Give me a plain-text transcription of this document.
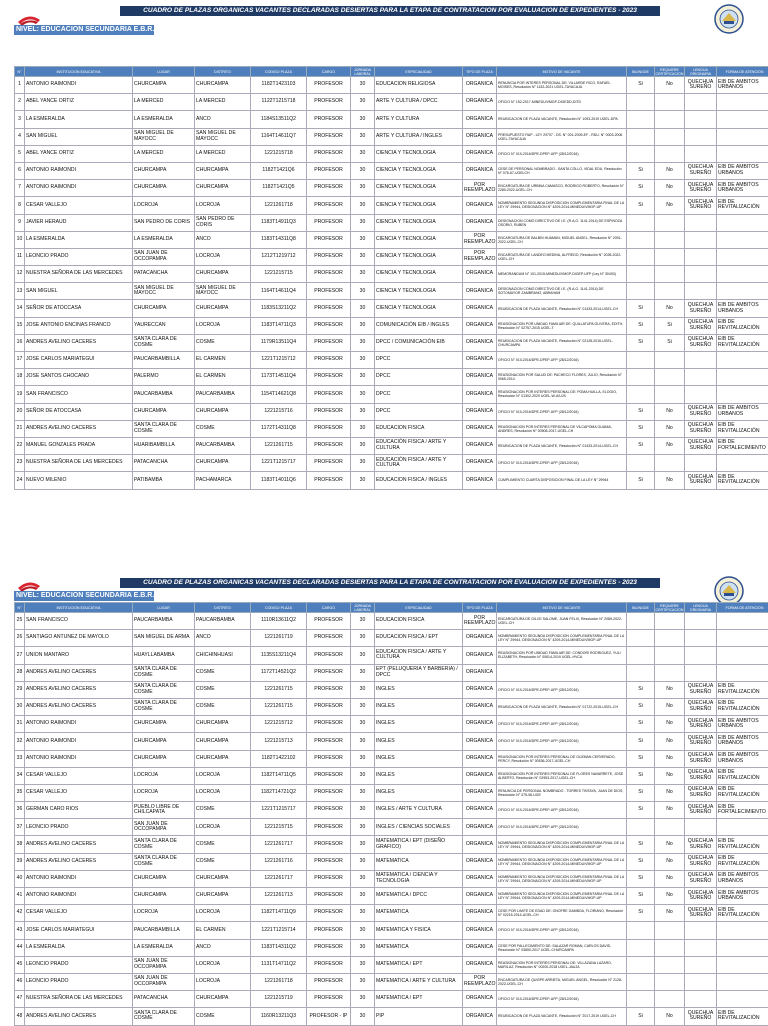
CUADRO DE PLAZAS ORGANICAS VACANTES DECLARADAS DESIERTAS PARA LA ETAPA DE CONTRATACION POR EVALUACION DE EXPEDIENTES - 2023
NIVEL: EDUCACION SECUNDARIA E.B.R.
N°	INSTITUCION EDUCATIVA	LUGAR	DISTRITO	CODIGO PLAZA	CARGO	JORNADA LABORAL	ESPECIALIDAD	TIPO DE PLAZA	MOTIVO DE VACANTE	BILINGÜE	REQUIERE CERTIFICACION	LENGUA ORIGINARIA	FORMA DE ATENCION
1	ANTONIO RAIMONDI	CHURCAMPA	CHURCAMPA	1182T1423103	PROFESOR	30	EDUCACION RELIGIOSA	ORGANICA	RENUNCIA POR INTERES PERSONAL DE: VILLARDE RICO, RAFAEL MOISES, Resolución N° 1152-2021 UGEL-TAYACAJA	Si	No	QUECHUA SUREÑO	EIB DE AMBITOS URBANOS
2	ABEL YANCE ORTIZ	LA MERCED	LA MERCED	1122T1215718	PROFESOR	30	ARTE Y CULTURA / DPCC	ORGANICA	OFICIO N° 152-2017-MINEDU/VMGP-DIGEDD-DITD				
3	LA ESMERALDA	LA ESMERALDA	ANCO	1184S13511Q2	PROFESOR	30	ARTE Y CULTURA	ORGANICA	REUBICACION DE PLAZA VACANTE, Resolución N° 1093-2019 UGEL-DPA				
4	SAN MIGUEL	SAN MIGUEL DE MAYOCC	SAN MIGUEL DE MAYOCC	1164T14611Q7	PROFESOR	30	ARTE Y CULTURA / INGLES	ORGANICA	PRESUPUESTO RAP - LEY 29707 - DS. N° 001-2009-EF - RDU. N° 0003-2006 UGEL-TAYACAJA				
5	ABEL YANCE ORTIZ	LA MERCED	LA MERCED	1221215718	PROFESOR	30	CIENCIA Y TECNOLOGIA	ORGANICA	OFICIO N° 010-2016/DPE-DPEP-UFP (28/12/2016)				
6	ANTONIO RAIMONDI	CHURCAMPA	CHURCAMPA	1182T1421Q6	PROFESOR	30	CIENCIA Y TECNOLOGIA	ORGANICA	CESE DE PERSONAL NOMBRADO - SANTA COLLO, VIDAL EDU, Resolución N° 076-67-UGELCH	Si	No	QUECHUA SUREÑO	EIB DE AMBITOS URBANOS
7	ANTONIO RAIMONDI	CHURCAMPA	CHURCAMPA	1182T1421Q5	PROFESOR	30	CIENCIA Y TECNOLOGIA	POR REEMPLAZO	ENCARGATURA DE URBINA CAMASCO, RODRIGO ROBERTO, Resolución N° 2280-2022-UGEL-CH	Si	No	QUECHUA SUREÑO	EIB DE AMBITOS URBANOS
8	CESAR VALLEJO	LOCROJA	LOCROJA	1221261718	PROFESOR	30	CIENCIA Y TECNOLOGIA	ORGANICA	NOMBRAMIENTO SEGUNDA DISPOSICION COMPLEMENTARIA FINAL DE LA LEY N° 29944, DESIGNACION N° 4209-2014-MINEDU/VMGP-UP	Si	No	QUECHUA SUREÑO	EIB DE REVITALIZACIÓN
9	JAVIER HERAUD	SAN PEDRO DE CORIS	SAN PEDRO DE CORIS	1183T14911Q3	PROFESOR	30	CIENCIA Y TECNOLOGIA	ORGANICA	DESIGNACION COMO DIRECTIVO DE I.E. (R.A.G. 1141-2014) DE ESPINOZA OSORIO, RUBEN				
10	LA ESMERALDA	LA ESMERALDA	ANCO	1183T14311Q8	PROFESOR	30	CIENCIA Y TECNOLOGIA	POR REEMPLAZO	ENCARGATURA DE BALBIN HUAMAN, MIGUEL ANGEL, Resolución N° 2091-2022-UGEL-CH				
11	LEONCIO PRADO	SAN JUAN DE OCCOPAMPA	LOCROJA	1212T1219712	PROFESOR	30	CIENCIA Y TECNOLOGIA	POR REEMPLAZO	ENCARGATURA DE LANDEO MEDINA, ALFREDO, Resolución N° 2028-2022-UGEL-CH				
12	NUESTRA SEÑORA DE LAS MERCEDES	PATACANCHA	CHURCAMPA	1221215715	PROFESOR	30	CIENCIA Y TECNOLOGIA	ORGANICA	MEMORANDUM N° 101-2015-MINEDU/VMGP-DIGEP-UFP (Ley N° 30493)				
13	SAN MIGUEL	SAN MIGUEL DE MAYOCC	SAN MIGUEL DE MAYOCC	1164T14611Q4	PROFESOR	30	CIENCIA Y TECNOLOGIA	ORGANICA	DESIGNACION COMO DIRECTIVO DE I.E. (R.A.G. 1141-2014) DE SOTOMAYOR ZAMBRANO, ABRAHAM				
14	SEÑOR DE ATOCCASA	CHURCAMPA	CHURCAMPA	1183S13211Q2	PROFESOR	30	CIENCIA Y TECNOLOGIA	ORGANICA	REUBICACION DE PLAZA VACANTE, Resolución N° 01433-2014-UGEL-CH	Si	No	QUECHUA SUREÑO	EIB DE AMBITOS URBANOS
15	JOSE ANTONIO ENCINAS FRANCO	YAURECCAN	LOCROJA	1183T14711Q3	PROFESOR	30	COMUNICACIÓN EIB / INGLES	ORGANICA	REASIGNACION POR UNIDAD FAMILIAR DE: QUILLATUPA OLIVERA, EDITH, Resolución N° 02757-2015 UGEL-T	Si	Si	QUECHUA SUREÑO	EIB DE REVITALIZACIÓN
16	ANDRES AVELINO CACERES	SANTA CLARA DE COSME	COSME	1179R13511Q4	PROFESOR	30	DPCC / COMUNICACIÓN EIB	ORGANICA	REUBICACION DE PLAZA VACANTE, Resolución N° 02128-2016-UGEL-CHURCAMPA	Si	Si	QUECHUA SUREÑO	EIB DE REVITALIZACIÓN
17	JOSE CARLOS MARIATEGUI	PAUCARBAMBILLA	EL CARMEN	1221T1215712	PROFESOR	30	DPCC	ORGANICA	OFICIO N° 010-2016/DPE-DPEP-UFP (28/12/2016)				
18	JOSE SANTOS CHOCANO	PALERMO	EL CARMEN	1173T14511Q4	PROFESOR	30	DPCC	ORGANICA	REASIGNACION POR SALUD DE: PACHECO FLORES, JULIO, Resolución N° 0065-2014				
19	SAN FRANCISCO	PAUCARBAMBA	PAUCARBAMBA	1154T14621Q8	PROFESOR	30	DPCC	ORGANICA	REASIGNACION POR INTERES PERSONAL DE: POMA HUILLA, ELOGIO, Resolución N° 01302-2020 UGEL-W-A/UJS				
20	SEÑOR DE ATOCCASA	CHURCAMPA	CHURCAMPA	1221215716	PROFESOR	30	DPCC	ORGANICA	OFICIO N° 010-2016/DPE-DPEP-UFP (28/12/2016)	Si	No	QUECHUA SUREÑO	EIB DE AMBITOS URBANOS
21	ANDRES AVELINO CACERES	SANTA CLARA DE COSME	COSME	1172T14311Q8	PROFESOR	30	EDUCACION FISICA	ORGANICA	REASIGNACION POR INTERES PERSONAL DE VILCAPOMA GUANIA, ANDRES, Resolución N° 00508-2017-UGEL-CH	Si	No	QUECHUA SUREÑO	EIB DE REVITALIZACIÓN
22	MANUEL GONZALES PRADA	HUARIBAMBILLA	PAUCARBAMBA	1221261715	PROFESOR	30	EDUCACIÓN FISICA / ARTE Y CULTURA	ORGANICA	REUBICACION DE PLAZA VACANTE, Resolución N° 01433-2014-UGEL-CH	Si	No	QUECHUA SUREÑO	EIB DE FORTALECIMIENTO
23	NUESTRA SEÑORA DE LAS MERCEDES	PATACANCHA	CHURCAMPA	1221T1215717	PROFESOR	30	EDUCACIÓN FISICA / ARTE Y CULTURA	ORGANICA	OFICIO N° 010-2016/DPE-DPEP-UFP (28/12/2016)				
24	NUEVO MILENIO	PATIBAMBA	PACHAMARCA	1183T14011Q6	PROFESOR	30	EDUCACION FISICA / INGLES	ORGANICA	CUMPLIMIENTO CUARTA DISPOSICION FINAL DE LA LEY N° 29944	Si	No	QUECHUA SUREÑO	EIB DE REVITALIZACIÓN
CUADRO DE PLAZAS ORGANICAS VACANTES DECLARADAS DESIERTAS PARA LA ETAPA DE CONTRATACION POR EVALUACION DE EXPEDIENTES - 2023
NIVEL: EDUCACION SECUNDARIA E.B.R.
N°	INSTITUCION EDUCATIVA	LUGAR	DISTRITO	CODIGO PLAZA	CARGO	JORNADA LABORAL	ESPECIALIDAD	TIPO DE PLAZA	MOTIVO DE VACANTE	BILINGÜE	REQUIERE CERTIFICACION	LENGUA ORIGINARIA	FORMA DE ATENCION
25	SAN FRANCISCO	PAUCARBAMBA	PAUCARBAMBA	1110R13611Q2	PROFESOR	30	EDUCACION FISICA	POR REEMPLAZO	ENCARGATURA DE GILCE SALOME, JUAN FELIX, Resolución N° 2089-2022-UGEL-CH				
26	SANTIAGO ANTUNEZ DE MAYOLO	SAN MIGUEL DE ARMA	ANCO	1221261719	PROFESOR	30	EDUCACION FISICA / EPT	ORGANICA	NOMBRAMIENTO SEGUNDA DISPOSICION COMPLEMENTARIA FINAL DE LA LEY N° 29944, DESIGNACION N° 4209-2014-MINEDU/VMGP-UP				
27	UNION MANTARO	HUAYLLABAMBA	CHICHINHUASI	1135S13211Q4	PROFESOR	30	EDUCACION FISICA / ARTE Y CULTURA	ORGANICA	REASIGNACION POR UNIDAD FAMILIAR DE: CONDORI RODRIGUEZ, YULI ELIZABETH, Resolución N° 00614-2019 UGEL-HVCA				
28	ANDRES AVELINO CACERES	SANTA CLARA DE COSME	COSME	1172T14521Q2	PROFESOR	30	EPT (PELUQUERIA Y BARBERIA) / DPCC	ORGANICA					
29	ANDRES AVELINO CACERES	SANTA CLARA DE COSME	COSME	1221261715	PROFESOR	30	INGLES	ORGANICA	OFICIO N° 010-2016/DPE-DPEP-UFP (28/12/2016)	Si	No	QUECHUA SUREÑO	EIB DE REVITALIZACIÓN
30	ANDRES AVELINO CACERES	SANTA CLARA DE COSME	COSME	1221261715	PROFESOR	30	INGLES	ORGANICA	REUBICACION DE PLAZA VACANTE, Resolución N° 01722-2015-UGEL-CH	Si	No	QUECHUA SUREÑO	EIB DE REVITALIZACIÓN
31	ANTONIO RAIMONDI	CHURCAMPA	CHURCAMPA	1221215712	PROFESOR	30	INGLES	ORGANICA	OFICIO N° 010-2016/DPE-DPEP-UFP (28/12/2016)	Si	No	QUECHUA SUREÑO	EIB DE AMBITOS URBANOS
32	ANTONIO RAIMONDI	CHURCAMPA	CHURCAMPA	1221215713	PROFESOR	30	INGLES	ORGANICA	OFICIO N° 010-2016/DPE-DPEP-UFP (28/12/2016)	Si	No	QUECHUA SUREÑO	EIB DE AMBITOS URBANOS
33	ANTONIO RAIMONDI	CHURCAMPA	CHURCAMPA	1182T1422102	PROFESOR	30	INGLES	ORGANICA	REASIGNACION POR INTERES PERSONAL DE GUZMAN CERVERADO, PERCY, Resolución N° 00536-2017-UGEL-CH	Si	No	QUECHUA SUREÑO	EIB DE AMBITOS URBANOS
34	CESAR VALLEJO	LOCROJA	LOCROJA	1182T14711Q5	PROFESOR	30	INGLES	ORGANICA	REASIGNACION POR INTERES PERSONAL DE FLORES NAVARRETE, JOSE ALBERTO, Resolución N° 02953-2017-UGEL-CH	Si	No	QUECHUA SUREÑO	EIB DE REVITALIZACIÓN
35	CESAR VALLEJO	LOCROJA	LOCROJA	1182T14721Q2	PROFESOR	30	INGLES	ORGANICA	RENUNCIA DE PERSONAL NOMBRADO - TORRES TINTAYA, JUAN DE DIOS, Resolución N° 075-96-UGE	Si	No	QUECHUA SUREÑO	EIB DE REVITALIZACIÓN
36	GERMAN CARO RIOS	PUEBLO LIBRE DE CHILCAPATA	COSME	1221T1215717	PROFESOR	30	INGLES / ARTE Y CULTURA	ORGANICA	OFICIO N° 010-2016/DPE-DPEP-UFP (28/12/2016)	Si	No	QUECHUA SUREÑO	EIB DE FORTALECIMIENTO
37	LEONCIO PRADO	SAN JUAN DE OCCOPAMPA	LOCROJA	1221215715	PROFESOR	30	INGLES / CIENCIAS SOCIALES	ORGANICA	OFICIO N° 010-2016/DPE-DPEP-UFP (28/12/2016)				
38	ANDRES AVELINO CACERES	SANTA CLARA DE COSME	COSME	1221261717	PROFESOR	30	MATEMATICA / EPT (DISEÑO GRAFICO)	ORGANICA	NOMBRAMIENTO SEGUNDA DISPOSICION COMPLEMENTARIA FINAL DE LA LEY N° 29944, DESIGNACION N° 4209-2014-MINEDU/VMGP-UP	Si	No	QUECHUA SUREÑO	EIB DE REVITALIZACIÓN
39	ANDRES AVELINO CACERES	SANTA CLARA DE COSME	COSME	1221261716	PROFESOR	30	MATEMATICA	ORGANICA	NOMBRAMIENTO SEGUNDA DISPOSICION COMPLEMENTARIA FINAL DE LA LEY N° 29944, DESIGNACION N° 4209-2014-MINEDU/VMGP-UP	Si	No	QUECHUA SUREÑO	EIB DE REVITALIZACIÓN
40	ANTONIO RAIMONDI	CHURCAMPA	CHURCAMPA	1221261717	PROFESOR	30	MATEMATICA / CIENCIA Y TECNOLOGIA	ORGANICA	NOMBRAMIENTO SEGUNDA DISPOSICION COMPLEMENTARIA FINAL DE LA LEY N° 29944, DESIGNACION N° 4209-2014-MINEDU/VMGP-UP	Si	No	QUECHUA SUREÑO	EIB DE AMBITOS URBANOS
41	ANTONIO RAIMONDI	CHURCAMPA	CHURCAMPA	1221261713	PROFESOR	30	MATEMATICA / DPCC	ORGANICA	NOMBRAMIENTO SEGUNDA DISPOSICION COMPLEMENTARIA FINAL DE LA LEY N° 29944, DESIGNACION N° 4209-2014-MINEDU/VMGP-UP	Si	No	QUECHUA SUREÑO	EIB DE AMBITOS URBANOS
42	CESAR VALLEJO	LOCROJA	LOCROJA	1182T14711Q9	PROFESOR	30	MATEMATICA	ORGANICA	CESE POR LIMITE DE EDAD DE: ONOFRE GAMBOA, FLORIANO, Resolución N° 02215-2014-UGEL-CH	Si	No	QUECHUA SUREÑO	EIB DE REVITALIZACIÓN
43	JOSE CARLOS MARIATEGUI	PAUCARBAMBILLA	EL CARMEN	1221T1215714	PROFESOR	30	MATEMATICA Y FISICA	ORGANICA	OFICIO N° 010-2016/DPE-DPEP-UFP (28/12/2016)				
44	LA ESMERALDA	LA ESMERALDA	ANCO	1183T14311Q2	PROFESOR	30	MATEMATICA	ORGANICA	CESE POR FALLECIMIENTO DE: SALAZAR ROMAN, CARLOS DAVID, Resolución N° 03650-2017 UGEL-CHURCAMPA				
45	LEONCIO PRADO	SAN JUAN DE OCCOPAMPA	LOCROJA	1131T14711Q2	PROFESOR	30	MATEMATICA / EPT	ORGANICA	REASIGNACION POR INTERES PERSONAL DE: VILLAZANA LAZARO, MARILUZ, Resolución N° 00200-2018 UGEL-JAUJA				
46	LEONCIO PRADO	SAN JUAN DE OCCOPAMPA	LOCROJA	1221261718	PROFESOR	30	MATEMATICA / ARTE Y CULTURA	POR REEMPLAZO	ENCARGATURA DE QUISPE ARRIETA, MIGUEL ANGEL, Resolución N° 2128-2022-UGEL-CH				
47	NUESTRA SEÑORA DE LAS MERCEDES	PATACANCHA	CHURCAMPA	1221215719	PROFESOR	30	MATEMATICA / EPT	ORGANICA	OFICIO N° 010-2016/DPE-DPEP-UFP (28/12/2016)				
48	ANDRES AVELINO CACERES	SANTA CLARA DE COSME	COSME	1160R13211Q3	PROFESOR - IP	30	PIP	ORGANICA	REUBICACION DE PLAZA VACANTE, Resolución N° 2017-2019 UGEL-CH	Si	No	QUECHUA SUREÑO	EIB DE REVITALIZACIÓN
